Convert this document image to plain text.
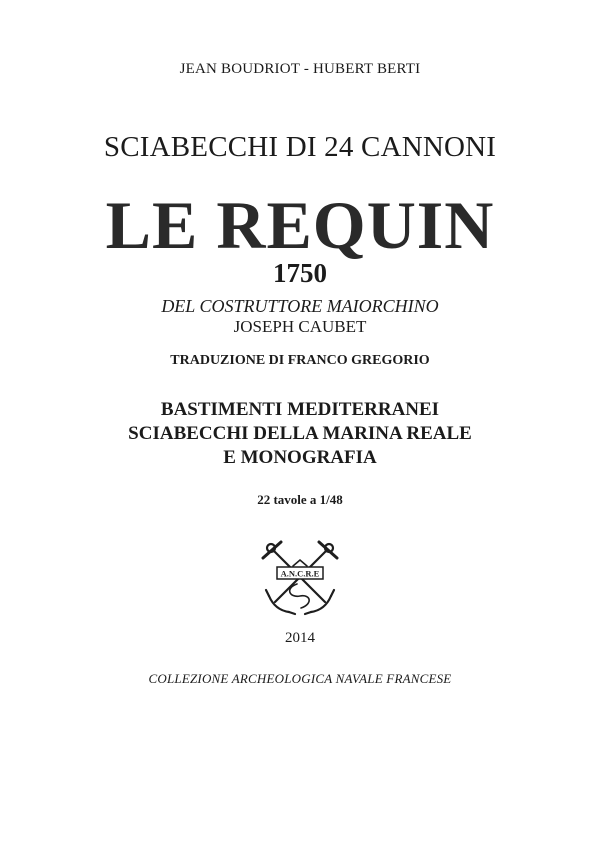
JEAN BOUDRIOT - HUBERT BERTI
SCIABECCHI DI 24 CANNONI
LE REQUIN
1750
DEL COSTRUTTORE MAIORCHINO
JOSEPH CAUBET
TRADUZIONE DI FRANCO GREGORIO
BASTIMENTI MEDITERRANEI
SCIABECCHI DELLA MARINA REALE
E MONOGRAFIA
22 tavole a 1/48
A.N.C.R.E
2014
COLLEZIONE ARCHEOLOGICA NAVALE FRANCESE
